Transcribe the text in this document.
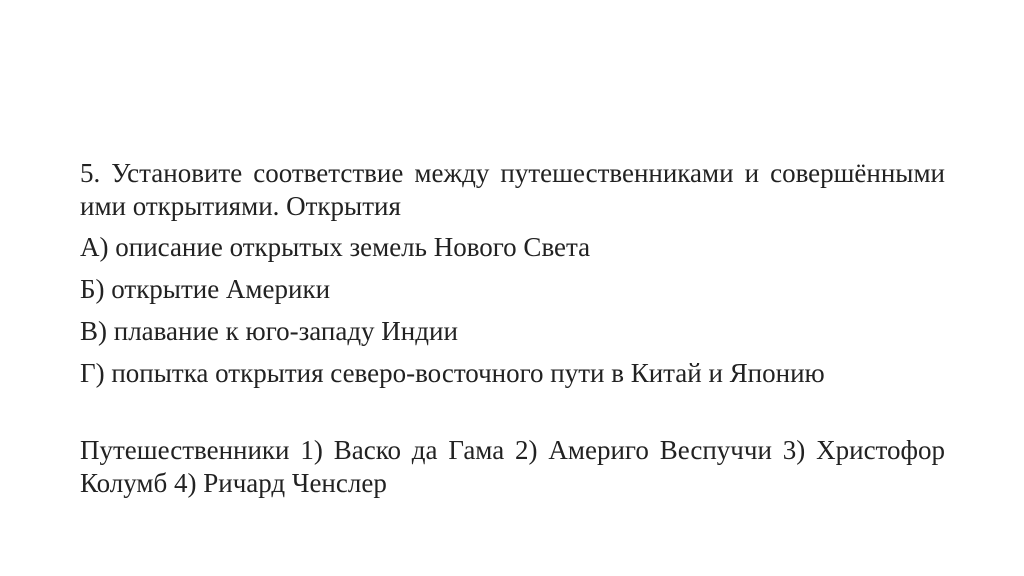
5. Установите соответствие между путешественниками и совершёнными ими открытиями. Открытия

А) описание открытых земель Нового Света

Б) открытие Америки

В) плавание к юго-западу Индии

Г) попытка открытия северо-восточного пути в Китай и Японию

Путешественники 1) Васко да Гама 2) Америго Веспуччи 3) Христофор Колумб 4) Ричард Ченслер
